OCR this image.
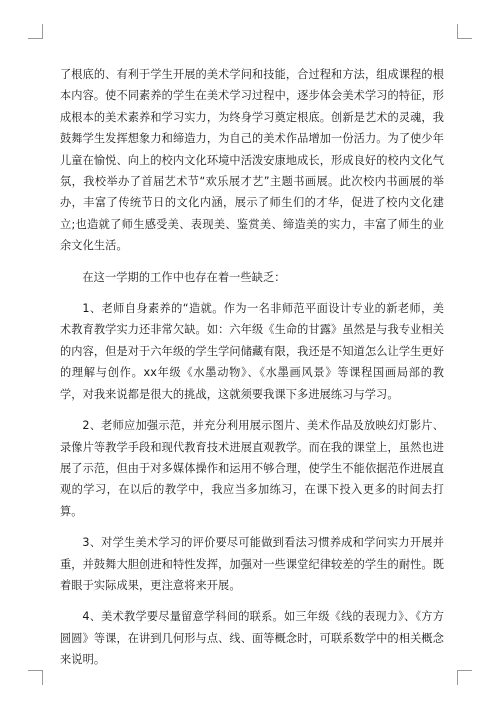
了根底的、有利于学生开展的美术学问和技能，合过程和方法，组成课程的根本内容。使不同素养的学生在美术学习过程中，逐步体会美术学习的特征，形成根本的美术素养和学习实力，为终身学习奠定根底。创新是艺术的灵魂，我鼓舞学生发挥想象力和缔造力，为自己的美术作品增加一份活力。为了使少年儿童在愉悦、向上的校内文化环境中活泼安康地成长，形成良好的校内文化气氛，我校举办了首届艺术节“欢乐展才艺”主题书画展。此次校内书画展的举办，丰富了传统节日的文化内涵，展示了师生们的才华，促进了校内文化建立;也造就了师生感受美、表现美、鉴赏美、缔造美的实力，丰富了师生的业余文化生活。

在这一学期的工作中也存在着一些缺乏：

1、老师自身素养的“造就。作为一名非师范平面设计专业的新老师，美术教育教学实力还非常欠缺。如：六年级《生命的甘露》虽然是与我专业相关的内容，但是对于六年级的学生学问储藏有限，我还是不知道怎么让学生更好的理解与创作。xx年级《水墨动物》、《水墨画风景》等课程国画局部的教学，对我来说都是很大的挑战，这就须要我课下多进展练习与学习。

2、老师应加强示范，并充分利用展示图片、美术作品及放映幻灯影片、录像片等教学手段和现代教育技术进展直观教学。而在我的课堂上，虽然也进展了示范，但由于对多媒体操作和运用不够合理，使学生不能依据范作进展直观的学习，在以后的教学中，我应当多加练习，在课下投入更多的时间去打算。

3、对学生美术学习的评价要尽可能做到看法习惯养成和学问实力开展并重，并鼓舞大胆创进和特性发挥，加强对一些课堂纪律较差的学生的耐性。既着眼于实际成果，更注意将来开展。

4、美术教学要尽量留意学科间的联系。如三年级《线的表现力》、《方方圆圆》等课，在讲到几何形与点、线、面等概念时，可联系数学中的相关概念来说明。
